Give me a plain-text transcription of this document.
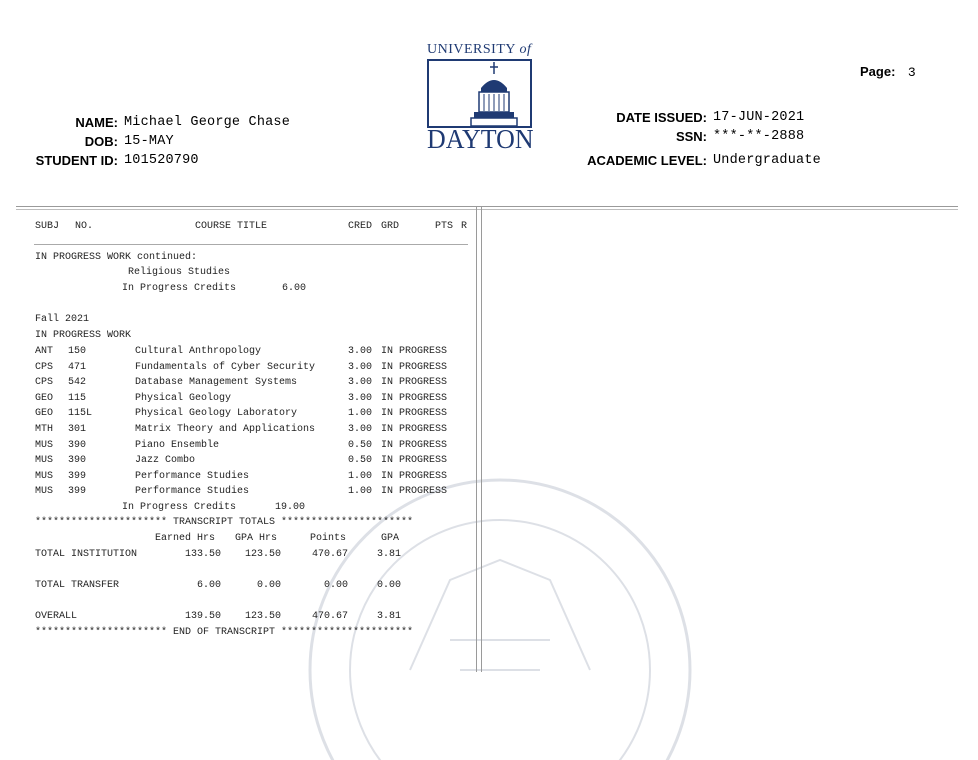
UNIVERSITY of
DAYTON
Page: 3
NAME: Michael George Chase
DOB: 15-MAY
STUDENT ID: 101520790
DATE ISSUED: 17-JUN-2021
SSN: ***-**-2888
ACADEMIC LEVEL: Undergraduate
SUBJ NO.	COURSE TITLE	CRED GRD	PTS R
IN PROGRESS WORK continued:
Religious Studies
In Progress Credits	6.00
Fall 2021
IN PROGRESS WORK
ANT 150	Cultural Anthropology	3.00 IN PROGRESS
CPS 471	Fundamentals of Cyber Security	3.00 IN PROGRESS
CPS 542	Database Management Systems	3.00 IN PROGRESS
GEO 115	Physical Geology	3.00 IN PROGRESS
GEO 115L	Physical Geology Laboratory	1.00 IN PROGRESS
MTH 301	Matrix Theory and Applications	3.00 IN PROGRESS
MUS 390	Piano Ensemble	0.50 IN PROGRESS
MUS 390	Jazz Combo	0.50 IN PROGRESS
MUS 399	Performance Studies	1.00 IN PROGRESS
MUS 399	Performance Studies	1.00 IN PROGRESS
In Progress Credits	19.00
********************** TRANSCRIPT TOTALS **********************
Earned Hrs GPA Hrs	Points	GPA
TOTAL INSTITUTION	133.50 123.50	470.67	3.81
TOTAL TRANSFER	6.00	0.00	0.00	0.00
OVERALL	139.50 123.50	470.67	3.81
********************** END OF TRANSCRIPT **********************
